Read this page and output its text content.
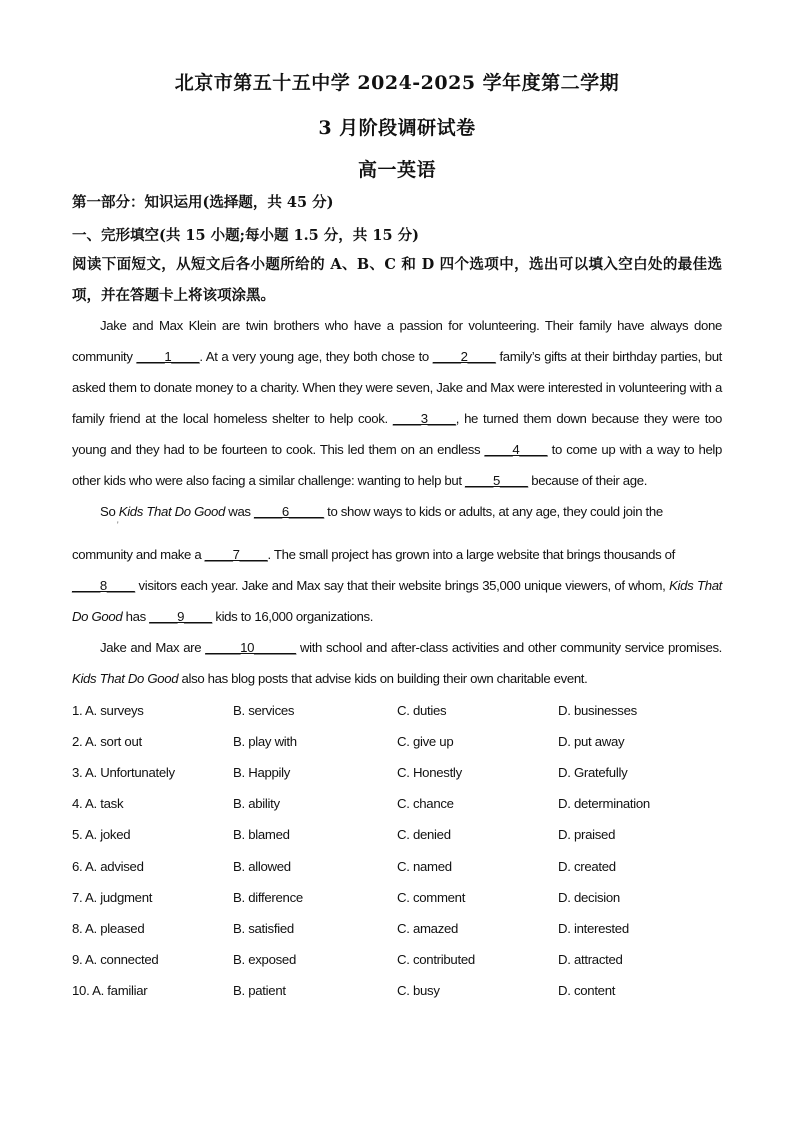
北京市第五十五中学 2024-2025 学年度第二学期
3 月阶段调研试卷
高一英语

第一部分：知识运用(选择题，共 45 分)

一、完形填空(共 15 小题;每小题 1.5 分，共 15 分)

阅读下面短文，从短文后各小题所给的 A、B、C 和 D 四个选项中，选出可以填入空白处的最佳选项，并在答题卡上将该项涂黑。

Jake and Max Klein are twin brothers who have a passion for volunteering. Their family have always done community ____1____. At a very young age, they both chose to ____2____ family’s gifts at their birthday parties, but asked them to donate money to a charity. When they were seven, Jake and Max were interested in volunteering with a family friend at the local homeless shelter to help cook. ____3____, he turned them down because they were too young and they had to be fourteen to cook. This led them on an endless ____4____ to come up with a way to help other kids who were also facing a similar challenge: wanting to help but ____5____ because of their age.

So Kids That Do Good was ____6_____ to show ways to kids or adults, at any age, they could join the

'

community and make a ____7____. The small project has grown into a large website that brings thousands of

____8____ visitors each year. Jake and Max say that their website brings 35,000 unique viewers, of whom, Kids That Do Good has ____9____ kids to 16,000 organizations.

Jake and Max are _____10______ with school and after-class activities and other community service promises. Kids That Do Good also has blog posts that advise kids on building their own charitable event.

1. A. surveys	B. services	C. duties	D. businesses
2. A. sort out	B. play with	C. give up	D. put away
3. A. Unfortunately	B. Happily	C. Honestly	D. Gratefully
4. A. task	B. ability	C. chance	D. determination
5. A. joked	B. blamed	C. denied	D. praised
6. A. advised	B. allowed	C. named	D. created
7. A. judgment	B. difference	C. comment	D. decision
8. A. pleased	B. satisfied	C. amazed	D. interested
9. A. connected	B. exposed	C. contributed	D. attracted
10. A. familiar	B. patient	C. busy	D. content
